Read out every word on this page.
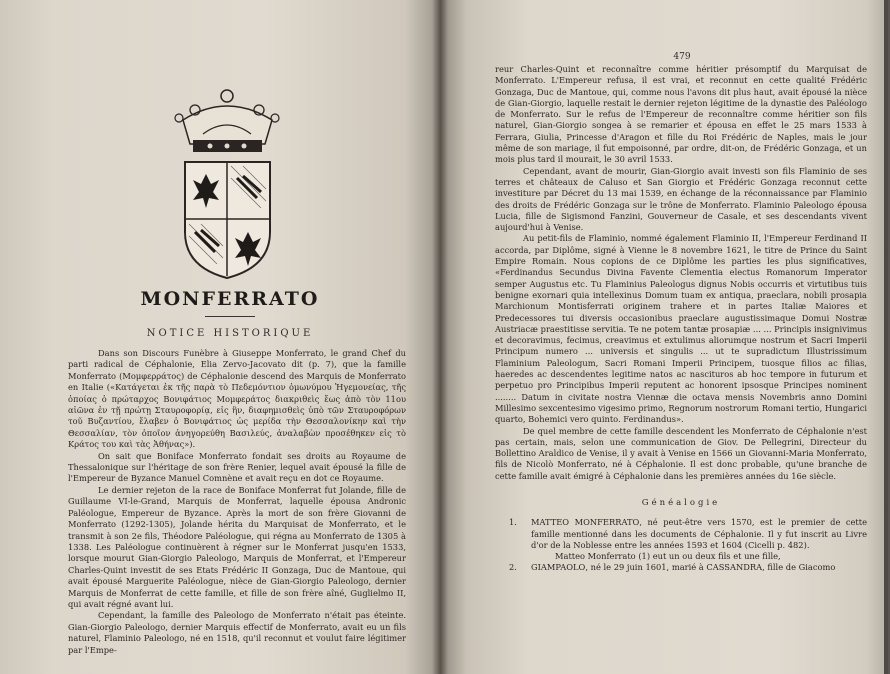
MONFERRATO
NOTICE HISTORIQUE

Dans son Discours Funèbre à Giuseppe Monferrato, le grand Chef du parti radical de Céphalonie, Elia Zervo-Jacovato dit (p. 7), que la famille Monferrato (Μομφερράτος) de Céphalonie descend des Marquis de Monferrato en Italie («Κατάγεται ἐκ τῆς παρὰ τὸ Πεδεμόντιον ὁμωνύμου Ἡγεμονείας, τῆς ὁποίας ὁ πρώταρχος Βονιφάτιος Μομφεράτος διακριθεὶς ἔως ἀπὸ τὸν 11ου αἰῶνα ἐν τῇ πρώτῃ Σταυροφορίᾳ, εἰς ἣν, διαφημισθεὶς ὑπὸ τῶν Σταυροφόρων τοῦ Βυζαντίου, ἔλαβεν ὁ Βονιφάτιος ὡς μερίδα τὴν Θεσσαλονίκην καὶ τὴν Θεσσαλίαν, τὸν ὁποῖον ἀνηγορεύθη Βασιλεύς, ἀναλαβὼν προσέθηκεν εἰς τὸ Κράτος του καὶ τὰς Ἀθήνας»).

On sait que Boniface Monferrato fondait ses droits au Royaume de Thessalonique sur l'héritage de son frère Renier, lequel avait épousé la fille de l'Empereur de Byzance Manuel Comnène et avait reçu en dot ce Royaume.

Le dernier rejeton de la race de Boniface Monferrat fut Jolande, fille de Guillaume VI-le-Grand, Marquis de Monferrat, laquelle épousa Andronic Paléologue, Empereur de Byzance. Après la mort de son frère Giovanni de Monferrato (1292-1305), Jolande hérita du Marquisat de Monferrato, et le transmit à son 2e fils, Théodore Paléologue, qui régna au Monferrato de 1305 à 1338. Les Paléologue continuèrent à régner sur le Monferrat jusqu'en 1533, lorsque mourut Gian-Giorgio Paleologo, Marquis de Monferrat, et l'Empereur Charles-Quint investit de ses Etats Frédéric II Gonzaga, Duc de Mantoue, qui avait épousé Marguerite Paléologue, nièce de Gian-Giorgio Paleologo, dernier Marquis de Monferrat de cette famille, et fille de son frère aîné, Guglielmo II, qui avait régné avant lui.

Cependant, la famille des Paleologo de Monferrato n'était pas éteinte. Gian-Giorgio Paleologo, dernier Marquis effectif de Monferrato, avait eu un fils naturel, Flaminio Paleologo, né en 1518, qu'il reconnut et voulut faire légitimer par l'Empe-

479

reur Charles-Quint et reconnaître comme héritier présomptif du Marquisat de Monferrato. L'Empereur refusa, il est vrai, et reconnut en cette qualité Frédéric Gonzaga, Duc de Mantoue, qui, comme nous l'avons dit plus haut, avait épousé la nièce de Gian-Giorgio, laquelle restait le dernier rejeton légitime de la dynastie des Paléologo de Monferrato. Sur le refus de l'Empereur de reconnaître comme héritier son fils naturel, Gian-Giorgio songea à se remarier et épousa en effet le 25 mars 1533 à Ferrara, Giulia, Princesse d'Aragon et fille du Roi Frédéric de Naples, mais le jour même de son mariage, il fut empoisonné, par ordre, dit-on, de Frédéric Gonzaga, et un mois plus tard il mourait, le 30 avril 1533.

Cependant, avant de mourir, Gian-Giorgio avait investi son fils Flaminio de ses terres et châteaux de Caluso et San Giorgio et Frédéric Gonzaga reconnut cette investiture par Décret du 13 mai 1539, en échange de la réconnaissance par Flaminio des droits de Frédéric Gonzaga sur le trône de Monferrato. Flaminio Paleologo épousa Lucia, fille de Sigismond Fanzini, Gouverneur de Casale, et ses descendants vivent aujourd'hui à Venise.

Au petit-fils de Flaminio, nommé également Flaminio II, l'Empereur Ferdinand II accorda, par Diplôme, signé à Vienne le 8 novembre 1621, le titre de Prince du Saint Empire Romain. Nous copions de ce Diplôme les parties les plus significatives, «Ferdinandus Secundus Divina Favente Clementia electus Romanorum Imperator semper Augustus etc. Tu Flaminius Paleologus dignus Nobis occurris et virtutibus tuis benigne exornari quia intellexinus Domum tuam ex antiqua, praeclara, nobili prosapia Marchionum Montisferrati originem trahere et in partes Italiæ Maiores et Predecessores tui diversis occasionibus praeclare augustissimaque Domui Nostræ Austriacæ praestitisse servitia. Te ne potem tantæ prosapiæ ... ... Principis insignivimus et decoravimus, fecimus, creavimus et extulimus aliorumque nostrum et Sacri Imperii Principum numero ... universis et singulis ... ut te supradictum Illustrissimum Flaminium Paleologum, Sacri Romani Imperii Principem, tuosque filios ac filias, haeredes ac descendentes legitime natos ac nascituros ab hoc tempore in futurum et perpetuo pro Principibus Imperii reputent ac honorent ipsosque Principes nominent ........ Datum in civitate nostra Viennæ die octava mensis Novembris anno Domini Millesimo sexcentesimo vigesimo primo, Regnorum nostrorum Romani tertio, Hungarici quarto, Bohemici vero quinto. Ferdinandus».

De quel membre de cette famille descendent les Monferrato de Céphalonie n'est pas certain, mais, selon une communication de Giov. De Pellegrini, Directeur du Bollettino Araldico de Venise, il y avait à Venise en 1566 un Giovanni-Maria Monferrato, fils de Nicolò Monferrato, né à Céphalonie. Il est donc probable, qu'une branche de cette famille avait émigré à Céphalonie dans les premières années du 16e siècle.

Généalogie
1. MATTEO MONFERRATO, né peut-être vers 1570, est le premier de cette famille mentionné dans les documents de Céphalonie. Il y fut inscrit au Livre d'or de la Noblesse entre les années 1593 et 1604 (Cicelli p. 482).
Matteo Monferrato (1) eut un ou deux fils et une fille,
2. GIAMPAOLO, né le 29 juin 1601, marié à CASSANDRA, fille de Giacomo
